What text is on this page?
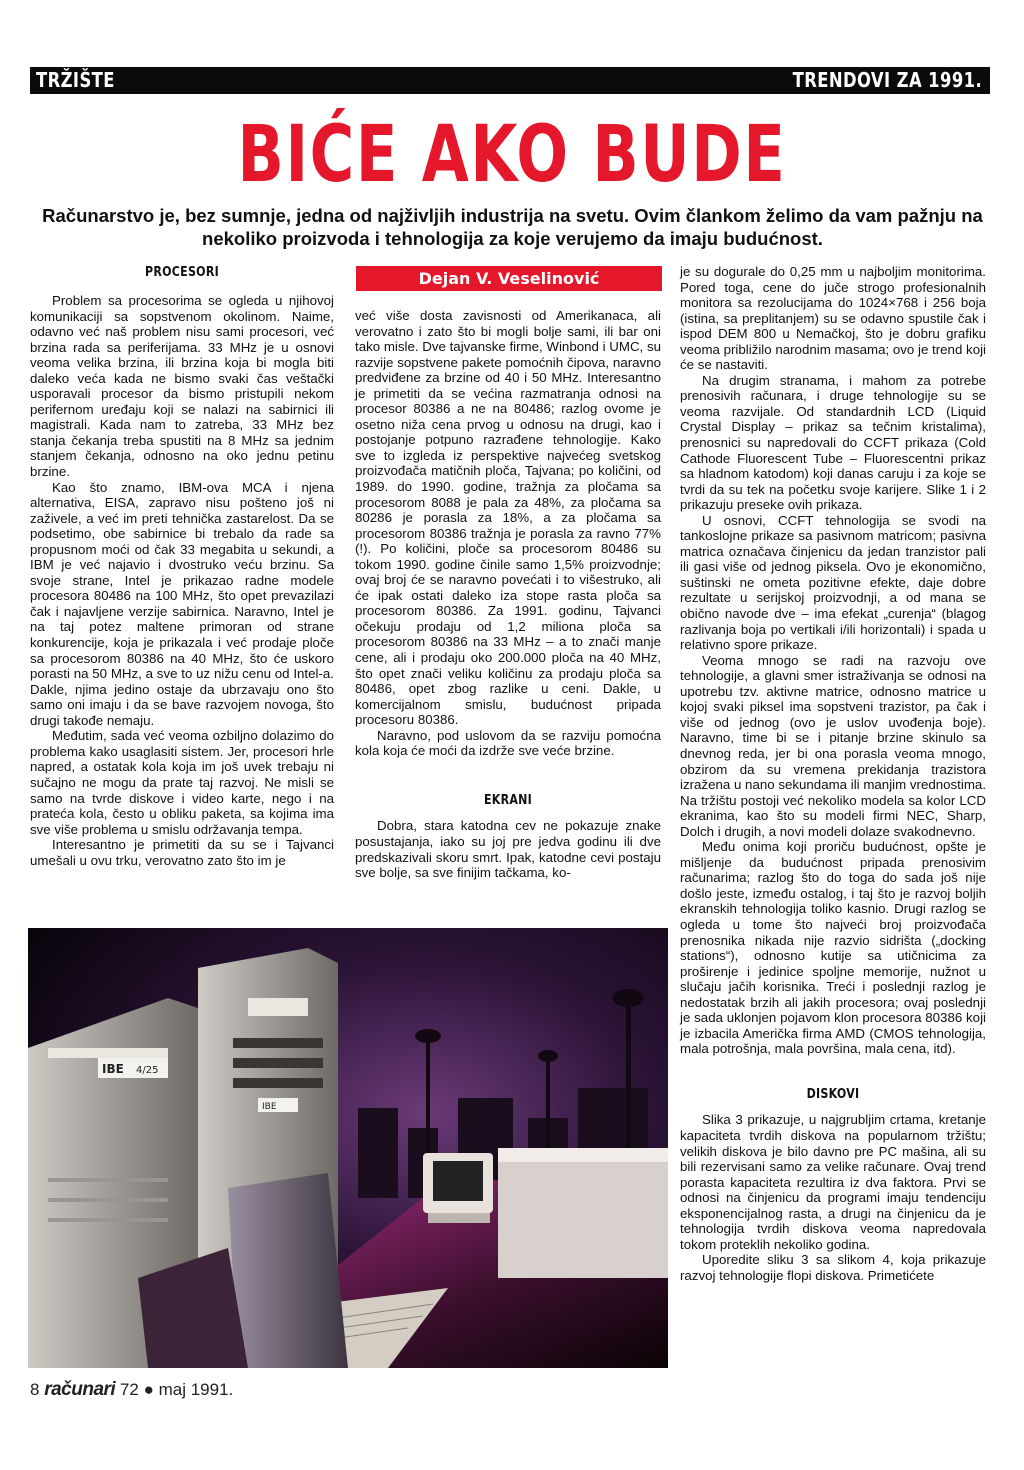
TRŽIŠTE	TRENDOVI ZA 1991.
BIĆE AKO BUDE
Računarstvo je, bez sumnje, jedna od najživljih industrija na svetu. Ovim člankom želimo da vam pažnju na nekoliko proizvoda i tehnologija za koje verujemo da imaju budućnost.
PROCESORI	Dejan V. Veselinović

Problem sa procesorima se ogleda u njihovoj komunikaciji sa sopstvenom okolinom. Naime, odavno već naš problem nisu sami procesori, već brzina rada sa periferijama. 33 MHz je u osnovi veoma velika brzina, ili brzina koja bi mogla biti daleko veća kada ne bismo svaki čas veštački usporavali procesor da bismo pristupili nekom perifernom uređaju koji se nalazi na sabirnici ili magistrali. Kada nam to zatreba, 33 MHz bez stanja čekanja treba spustiti na 8 MHz sa jednim stanjem čekanja, odnosno na oko jednu petinu brzine.

Kao što znamo, IBM-ova MCA i njena alternativa, EISA, zapravo nisu pošteno još ni zaživele, a već im preti tehnička zastarelost. Da se podsetimo, obe sabirnice bi trebalo da rade sa propusnom moći od čak 33 megabita u sekundi, a IBM je već najavio i dvostruko veću brzinu. Sa svoje strane, Intel je prikazao radne modele procesora 80486 na 100 MHz, što opet prevazilazi čak i najavljene verzije sabirnica. Naravno, Intel je na taj potez maltene primoran od strane konkurencije, koja je prikazala i već prodaje ploče sa procesorom 80386 na 40 MHz, što će uskoro porasti na 50 MHz, a sve to uz nižu cenu od Intel-a. Dakle, njima jedino ostaje da ubrzavaju ono što samo oni imaju i da se bave razvojem novoga, što drugi takođe nemaju.

Međutim, sada već veoma ozbiljno dolazimo do problema kako usaglasiti sistem. Jer, procesori hrle napred, a ostatak kola koja im još uvek trebaju ni sučajno ne mogu da prate taj razvoj. Ne misli se samo na tvrde diskove i video karte, nego i na prateća kola, često u obliku paketa, sa kojima ima sve više problema u smislu održavanja tempa.

Interesantno je primetiti da su se i Tajvanci umešali u ovu trku, verovatno zato što im je

već više dosta zavisnosti od Amerikanaca, ali verovatno i zato što bi mogli bolje sami, ili bar oni tako misle. Dve tajvanske firme, Winbond i UMC, su razvije sopstvene pakete pomoćnih čipova, naravno predviđene za brzine od 40 i 50 MHz. Interesantno je primetiti da se većina razmatranja odnosi na procesor 80386 a ne na 80486; razlog ovome je osetno niža cena prvog u odnosu na drugi, kao i postojanje potpuno razrađene tehnologije. Kako sve to izgleda iz perspektive najvećeg svetskog proizvođača matičnih ploča, Tajvana; po količini, od 1989. do 1990. godine, tražnja za pločama sa procesorom 8088 je pala za 48%, za pločama sa 80286 je porasla za 18%, a za pločama sa procesorom 80386 tražnja je porasla za ravno 77% (!). Po količini, ploče sa procesorom 80486 su tokom 1990. godine činile samo 1,5% proizvodnje; ovaj broj će se naravno povećati i to višestruko, ali će ipak ostati daleko iza stope rasta ploča sa procesorom 80386. Za 1991. godinu, Tajvanci očekuju prodaju od 1,2 miliona ploča sa procesorom 80386 na 33 MHz – a to znači manje cene, ali i prodaju oko 200.000 ploča na 40 MHz, što opet znači veliku količinu za prodaju ploča sa 80486, opet zbog razlike u ceni. Dakle, u komercijalnom smislu, budućnost pripada procesoru 80386.

Naravno, pod uslovom da se razviju pomoćna kola koja će moći da izdrže sve veće brzine.

EKRANI

Dobra, stara katodna cev ne pokazuje znake posustajanja, iako su joj pre jedva godinu ili dve predskazivali skoru smrt. Ipak, katodne cevi postaju sve bolje, sa sve finijim tačkama, ko-

je su dogurale do 0,25 mm u najboljim monitorima. Pored toga, cene do juče strogo profesionalnih monitora sa rezolucijama do 1024×768 i 256 boja (istina, sa preplitanjem) su se odavno spustile čak i ispod DEM 800 u Nemačkoj, što je dobru grafiku veoma približilo narodnim masama; ovo je trend koji će se nastaviti.

Na drugim stranama, i mahom za potrebe prenosivih računara, i druge tehnologije su se veoma razvijale. Od standardnih LCD (Liquid Crystal Display – prikaz sa tečnim kristalima), prenosnici su napredovali do CCFT prikaza (Cold Cathode Fluorescent Tube – Fluorescentni prikaz sa hladnom katodom) koji danas caruju i za koje se tvrdi da su tek na početku svoje karijere. Slike 1 i 2 prikazuju preseke ovih prikaza.

U osnovi, CCFT tehnologija se svodi na tankoslojne prikaze sa pasivnom matricom; pasivna matrica označava činjenicu da jedan tranzistor pali ili gasi više od jednog piksela. Ovo je ekonomično, suštinski ne ometa pozitivne efekte, daje dobre rezultate u serijskoj proizvodnji, a od mana se obično navode dve – ima efekat „curenja“ (blagog razlivanja boja po vertikali i/ili horizontali) i spada u relativno spore prikaze.

Veoma mnogo se radi na razvoju ove tehnologije, a glavni smer istraživanja se odnosi na upotrebu tzv. aktivne matrice, odnosno matrice u kojoj svaki piksel ima sopstveni trazistor, pa čak i više od jednog (ovo je uslov uvođenja boje). Naravno, time bi se i pitanje brzine skinulo sa dnevnog reda, jer bi ona porasla veoma mnogo, obzirom da su vremena prekidanja trazistora izražena u nano sekundama ili manjim vrednostima. Na tržištu postoji već nekoliko modela sa kolor LCD ekranima, kao što su modeli firmi NEC, Sharp, Dolch i drugih, a novi modeli dolaze svakodnevno.

Među onima koji proriču budućnost, opšte je mišljenje da budućnost pripada prenosivim računarima; razlog što do toga do sada još nije došlo jeste, između ostalog, i taj što je razvoj boljih ekranskih tehnologija toliko kasnio. Drugi razlog se ogleda u tome što najveći broj proizvođača prenosnika nikada nije razvio sidrišta („docking stations“), odnosno kutije sa utičnicima za proširenje i jedinice spoljne memorije, nužnot u slučaju jačih korisnika. Treći i poslednji razlog je nedostatak brzih ali jakih procesora; ovaj poslednji je sada uklonjen pojavom klon procesora 80386 koji je izbacila Američka firma AMD (CMOS tehnologija, mala potrošnja, mala površina, mala cena, itd).

DISKOVI

Slika 3 prikazuje, u najgrubljim crtama, kretanje kapaciteta tvrdih diskova na popularnom tržištu; velikih diskova je bilo davno pre PC mašina, ali su bili rezervisani samo za velike računare. Ovaj trend porasta kapaciteta rezultira iz dva faktora. Prvi se odnosi na činjenicu da programi imaju tendenciju eksponencijalnog rasta, a drugi na činjenicu da je tehnologija tvrdih diskova veoma napredovala tokom proteklih nekoliko godina.

Uporedite sliku 3 sa slikom 4, koja prikazuje razvoj tehnologije flopi diskova. Primetićete

IBE 4/25
IBE
8 računari 72 ● maj 1991.
